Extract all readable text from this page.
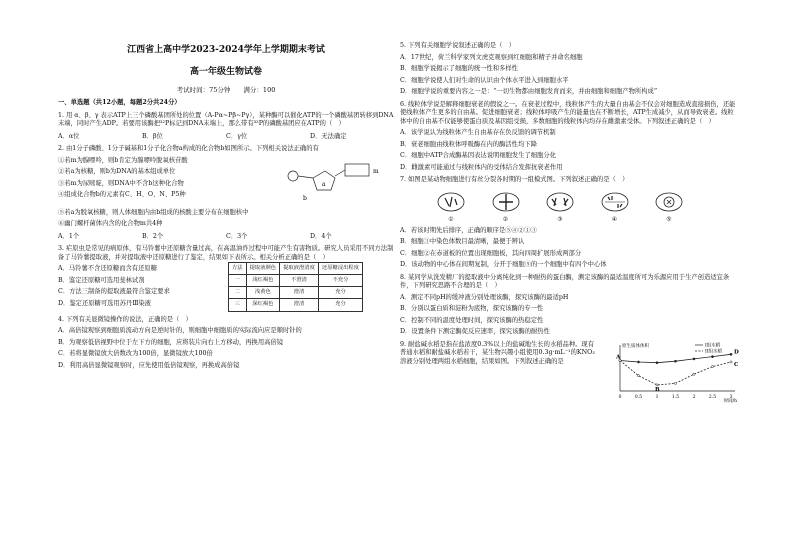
江西省上高中学2023-2024学年上学期期末考试
高一年级生物试卷
考试时间：75分钟　　满分：100
一、单选题（共12小题，每题2分共24分）
1. 用 α、β、γ 表示ATP上三个磷酸基团所处的位置（A-Pα~Pβ~Pγ），某种酶可以催化ATP的一个磷酸基团转移到DNA末端，同时产生ADP。若要用该酶把³²P标记到DNA末端上，那么带有³²P的磷酸基团应在ATP的（　）
A．α位	B．β位	C．γ位	D．无法确定
2. 由1分子磷酸、1分子碱基和1分子化合物a构成的化合物b如图所示。下列相关说法正确的有
①若m为腺嘌呤，则b肯定为腺嘌呤脱氧核苷酸
②若a为核糖，则b为DNA的基本组成单位
③若m为尿嘧啶，则DNA中不含b这种化合物
④组成化合物b的元素有C、H、O、N、P5种
m
a
b
⑤若a为脱氧核糖，则人体细胞内由b组成的核酸主要分布在细胞核中
⑥幽门螺杆菌体内含的化合物m共4种
A．1个	B．2个	C．3个	D．4个
3. 疟原虫是常见的病原体，有马铃薯中还原糖含量过高，在高温油炸过程中可能产生有害物质。研究人员采用不同方法制备了马铃薯提取液，并对提取液中还原糖进行了鉴定，结果如下表所示。相关分析正确的是（　）
A．马铃薯不含还原糖而含有还原糖
B．鉴定还原糖可选用斐林试剂
C．方法三制备的提取液最符合鉴定要求
D．鉴定还原糖可选用苏丹Ⅲ染液
方法	提取液颜色	提取液澄清度	还原糖浸出程度
一	浅红褐色	不澄清	不充分
二	浅黄色	澄清	充分
三	深红褐色	澄清	充分
4. 下列有关显微镜操作的说法，正确的是（　）
A．高倍镜观察到细胞质流动方向是逆时针的，则细胞中细胞质的实际流向应是顺时针的
B．为观察低倍视野中位于左下方的细胞，应将装片向右上方移动，再换用高倍镜
C．若将显微镜放大倍数改为100倍，显微镜放大100倍
D．利用高倍显微镜观察时，应先使用低倍镜观察，再换成高倍镜
5. 下列有关细胞学说叙述正确的是（　）
A．17世纪，荷兰科学家列文虎克观察到红细胞和精子并命名细胞
B．细胞学说揭示了细胞的统一性和多样性
C．细胞学说使人们对生命的认识由个体水平进入到细胞水平
D．细胞学说的重要内容之一是：“一切生物都由细胞发育而来，并由细胞和细胞产物所构成”
6. 线粒体学说是解释细胞衰老的假说之一。在衰老过程中，线粒体产生的大量自由基会不仅会对细胞造成直接损伤，还能使线粒体产生更多的自由基。促进细胞衰老；线粒体呼吸产生的能量也在不断增长，ATP生成减少，从而导致衰老。线粒体中的自由基不仅能够使蛋白质及基因组受损，多数细胞的线粒体内均存在雌激素受体。下列叙述正确的是（　）
A．该学说认为线粒体产生自由基存在负反馈的调节机制
B．衰老细胞由线粒体呼吸酶在内的酶活性均下降
C．细胞中ATP合成酶基因表达说明细胞发生了细胞分化
D．雌激素可能通过与线粒体内的受体结合发挥抗衰老作用
7. 如图是某动物细胞进行有丝分裂各时期的一组模式图。下列叙述正确的是（　）
①	②	③	④	⑤
A．若该时期先后排序，正确的顺序是⑤④②①③
B．细胞③中染色体数目最清晰，最便于辨认
C．细胞②在赤道板的位置出现细胞板，其向四周扩展形成两部分
D．该动物的中心体在间期复制，分开于细胞⑤的一个细胞中有四个中心体
8. 某同学从洗发精厂的提取液中分离纯化到一种耐热的蛋白酶，测定该酶的最适温度所可为乐源应用于生产创造适宜条件，下列研究思路不合理的是（　）
A．测定不同pH的缓冲液分别处理该酶，探究该酶的最适pH
B．分别以蛋白质和淀粉为底物，探究该酶的专一性
C．控制不同的温度处理时间，探究该酶的热稳定性
D．设置条件下测定酶促反应速率，探究该酶的耐热性
9. 耐盐碱水稻是指在盐浓度0.3%以上的盐碱地生长的水稻品种。现有普通水稻和耐盐碱水稻若干，某生物兴趣小组使用0.3g·mL⁻¹的KNO₃溶液分别处理两组水稻细胞，结果如图。下列叙述正确的是
0	0.5	1	1.5	2	2.5	3
原生质体体积
时间/h
A
B
C
D
I组水稻
II组水稻
